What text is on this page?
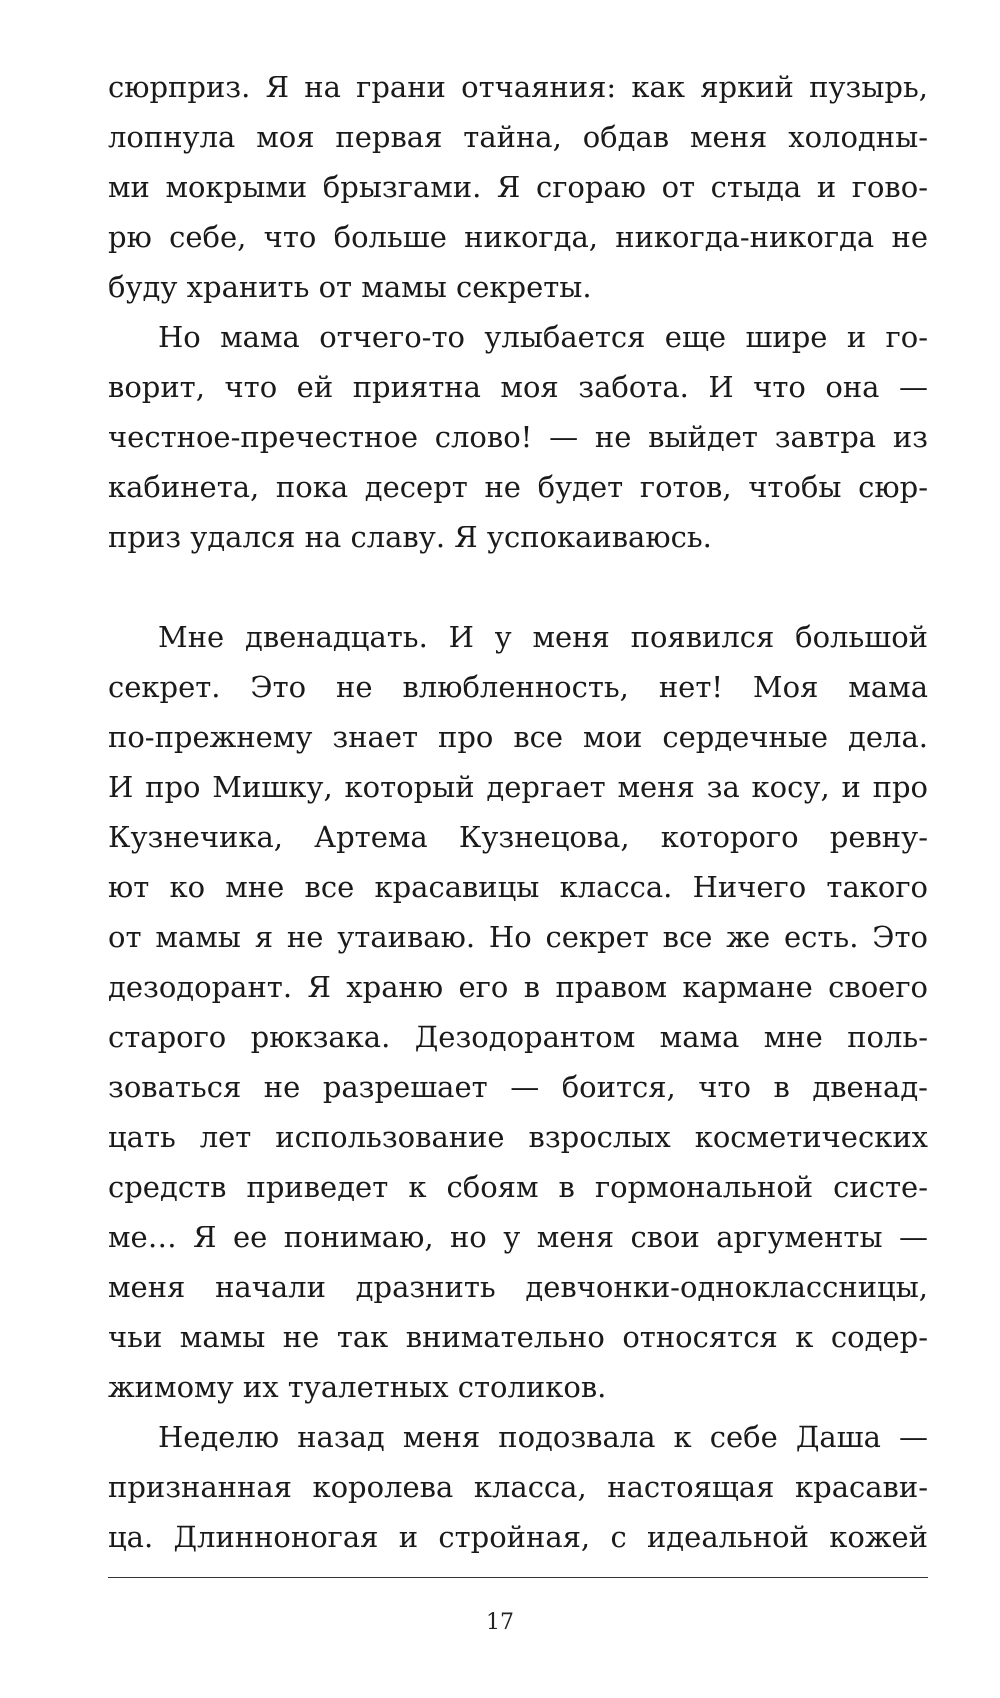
сюрприз. Я на грани отчаяния: как яркий пузырь,
лопнула моя первая тайна, обдав меня холодны-
ми мокрыми брызгами. Я сгораю от стыда и гово-
рю себе, что больше никогда, никогда-никогда не
буду хранить от мамы секреты.
Но мама отчего-то улыбается еще шире и го-
ворит, что ей приятна моя забота. И что она —
честное-пречестное слово! — не выйдет завтра из
кабинета, пока десерт не будет готов, чтобы сюр-
приз удался на славу. Я успокаиваюсь.
Мне двенадцать. И у меня появился большой
секрет. Это не влюбленность, нет! Моя мама
по-прежнему знает про все мои сердечные дела.
И про Мишку, который дергает меня за косу, и про
Кузнечика, Артема Кузнецова, которого ревну-
ют ко мне все красавицы класса. Ничего такого
от мамы я не утаиваю. Но секрет все же есть. Это
дезодорант. Я храню его в правом кармане своего
старого рюкзака. Дезодорантом мама мне поль-
зоваться не разрешает — боится, что в двенад-
цать лет использование взрослых косметических
средств приведет к сбоям в гормональной систе-
ме… Я ее понимаю, но у меня свои аргументы —
меня начали дразнить девчонки-одноклассницы,
чьи мамы не так внимательно относятся к содер-
жимому их туалетных столиков.
Неделю назад меня подозвала к себе Даша —
признанная королева класса, настоящая красави-
ца. Длинноногая и стройная, с идеальной кожей
17
